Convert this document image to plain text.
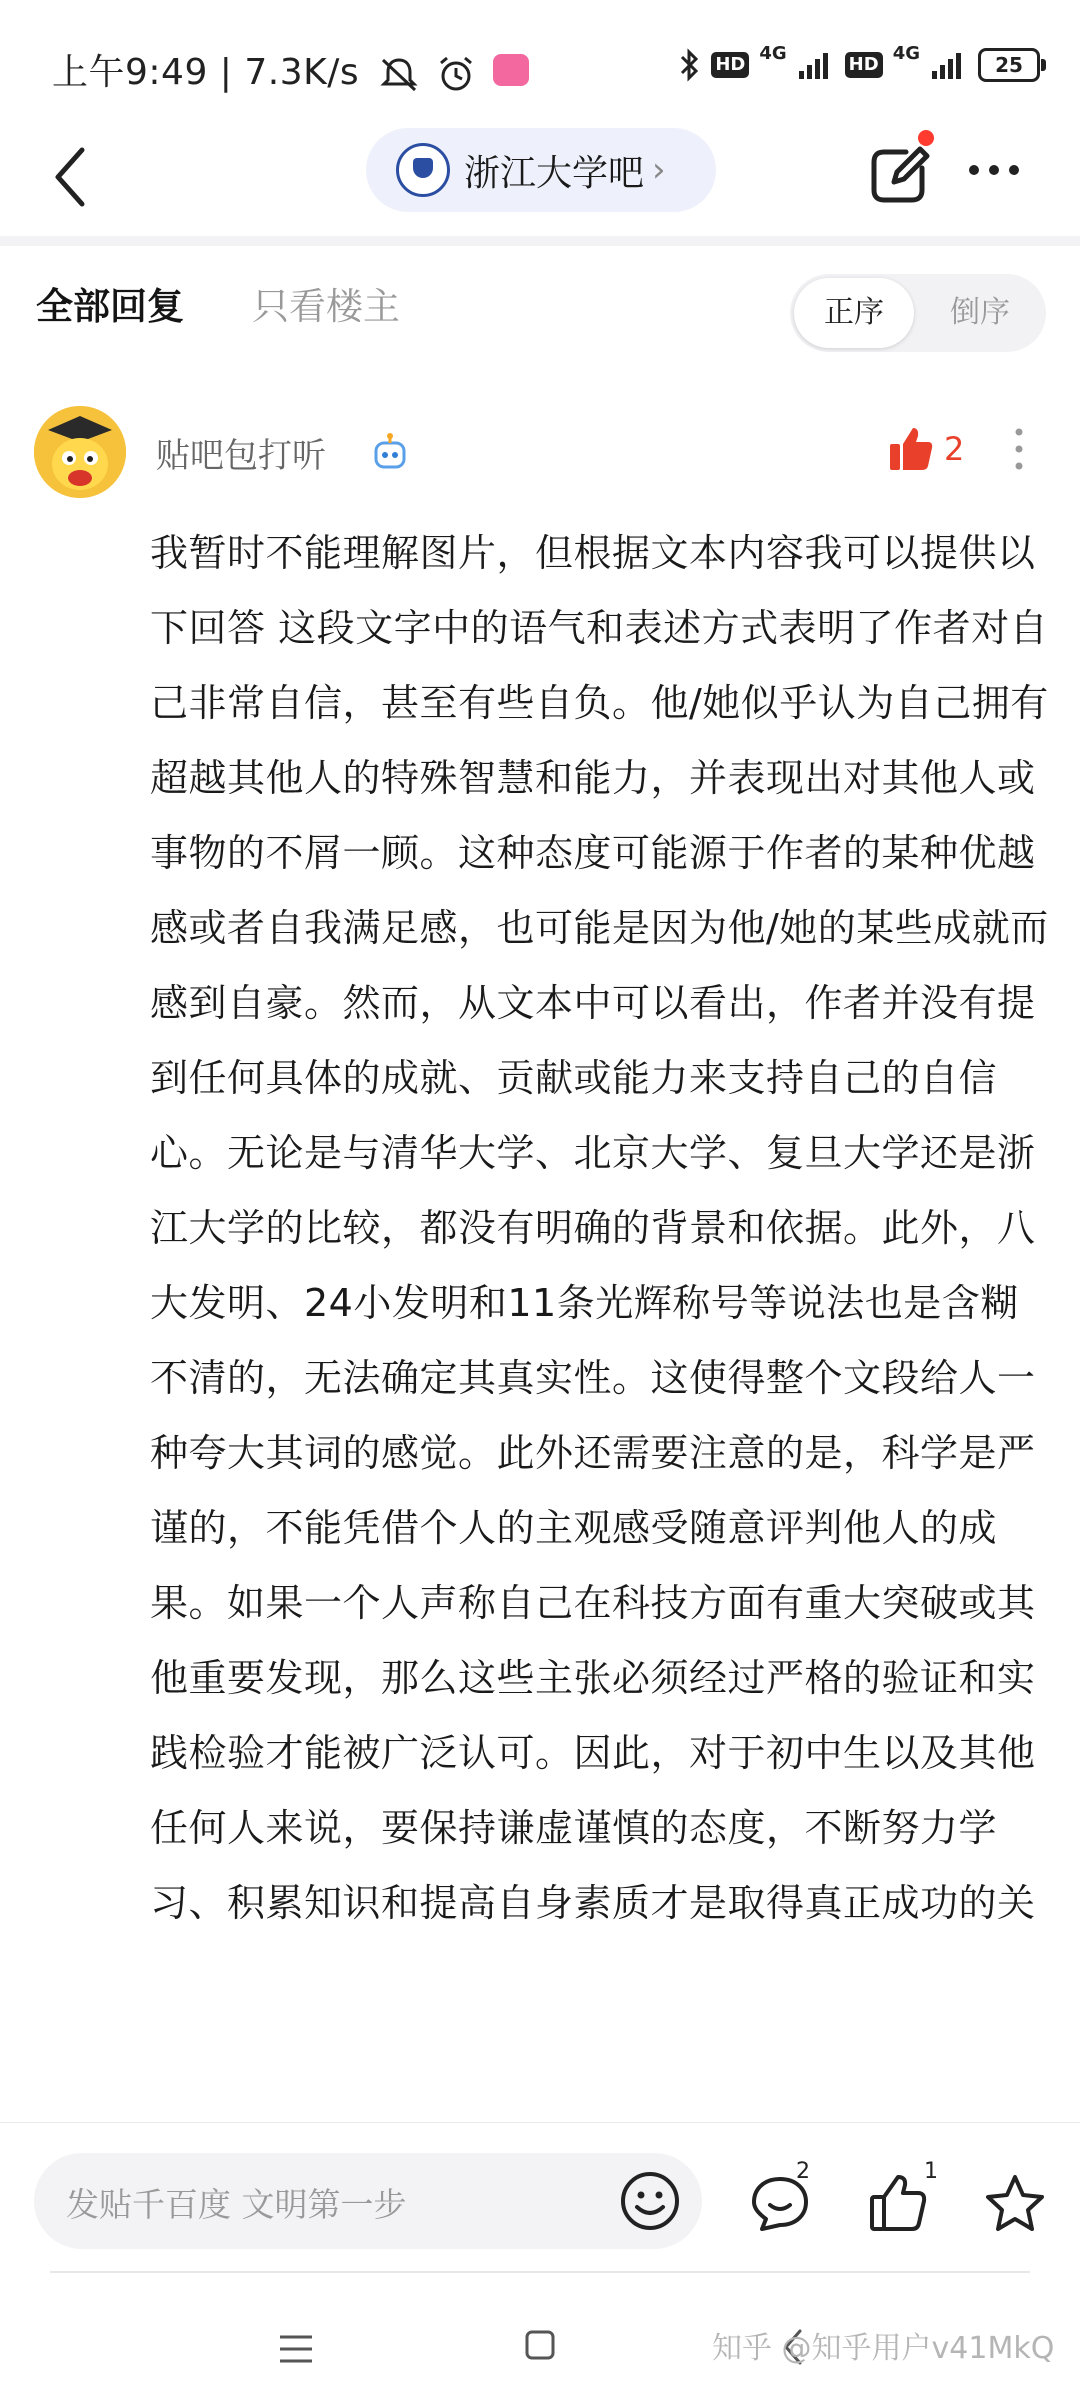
上午9:49 | 7.3K/s	HD
4G
HD
4G	25
浙江大学吧 ›
全部回复 只看楼主	正序	倒序
贴吧包打听	2
我暂时不能理解图片，但根据文本内容我可以提供以下回答 这段文字中的语气和表述方式表明了作者对自己非常自信，甚至有些自负。他/她似乎认为自己拥有超越其他人的特殊智慧和能力，并表现出对其他人或事物的不屑一顾。这种态度可能源于作者的某种优越感或者自我满足感，也可能是因为他/她的某些成就而感到自豪。然而，从文本中可以看出，作者并没有提到任何具体的成就、贡献或能力来支持自己的自信心。无论是与清华大学、北京大学、复旦大学还是浙江大学的比较，都没有明确的背景和依据。此外，八大发明、24小发明和11条光辉称号等说法也是含糊不清的，无法确定其真实性。这使得整个文段给人一种夸大其词的感觉。此外还需要注意的是，科学是严谨的，不能凭借个人的主观感受随意评判他人的成果。如果一个人声称自己在科技方面有重大突破或其他重要发现，那么这些主张必须经过严格的验证和实践检验才能被广泛认可。因此，对于初中生以及其他任何人来说，要保持谦虚谨慎的态度，不断努力学习、积累知识和提高自身素质才是取得真正成功的关
发贴千百度 文明第一步
2	1
知乎 @知乎用户v41MkQ
